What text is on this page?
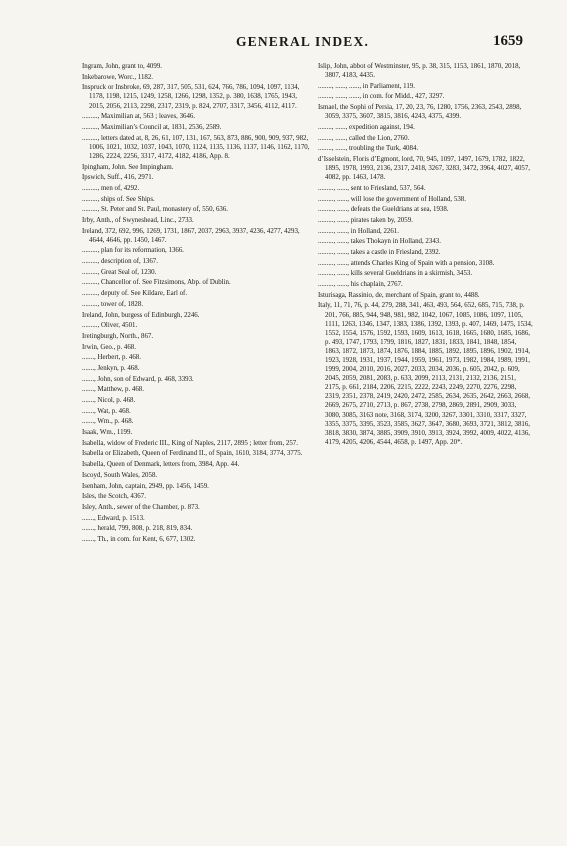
GENERAL INDEX.	1659

Ingram, John, grant to, 4099.

Inkebarowe, Worc., 1182.

Inspruck or Insbroke, 69, 287, 317, 505, 531, 624, 766, 786, 1094, 1097, 1134, 1178, 1198, 1215, 1249, 1258, 1266, 1298, 1352, p. 380, 1638, 1765, 1943, 2015, 2056, 2113, 2298, 2317, 2319, p. 824, 2707, 3317, 3456, 4112, 4117.

........., Maximilian at, 563 ; leaves, 3646.

........., Maximilian’s Council at, 1831, 2536, 2589.

........., letters dated at, 8, 26, 61, 107, 131, 167, 563, 873, 886, 900, 909, 937, 982, 1006, 1021, 1032, 1037, 1043, 1070, 1124, 1135, 1136, 1137, 1146, 1162, 1170, 1286, 2224, 2256, 3317, 4172, 4182, 4186, App. 8.

Ipingham, John. See Impingham.

Ipswich, Suff., 416, 2971.

........., men of, 4292.

........., ships of. See Ships.

........., St. Peter and St. Paul, monastery of, 550, 636.

Irby, Anth., of Swyneshead, Linc., 2733.

Ireland, 372, 692, 996, 1269, 1731, 1867, 2037, 2963, 3937, 4236, 4277, 4293, 4644, 4646, pp. 1450, 1467.

........., plan for its reformation, 1366.

........., description of, 1367.

........., Great Seal of, 1230.

........., Chancellor of. See Fitzsimons, Abp. of Dublin.

........., deputy of. See Kildare, Earl of.

........., tower of, 1828.

Ireland, John, burgess of Edinburgh, 2246.

........., Oliver, 4501.

Iretingburgh, North., 867.

Irwin, Geo., p. 468.

......., Herbert, p. 468.

......., Jenkyn, p. 468.

......., John, son of Edward, p. 468, 3393.

......., Matthew, p. 468.

......., Nicol, p. 468.

......., Wat, p. 468.

......., Wm., p. 468.

Isaak, Wm., 1199.

Isabella, widow of Frederic III., King of Naples, 2117, 2895 ; letter from, 257.

Isabella or Elizabeth, Queen of Ferdinand II., of Spain, 1610, 3184, 3774, 3775.

Isabella, Queen of Denmark, letters from, 3984, App. 44.

Iscoyd, South Wales, 2058.

Isenham, John, captain, 2949, pp. 1456, 1459.

Isles, the Scotch, 4367.

Isley, Anth., sewer of the Chamber, p. 873.

......., Edward, p. 1513.

......., herald, 799, 808, p. 218, 819, 834.

......., Th., in com. for Kent, 6, 677, 1302.

Islip, John, abbot of Westminster, 95, p. 38, 315, 1153, 1861, 1870, 2018, 3807, 4183, 4435.

........, ......, ......, in Parliament, 119.

........, ......, ......, in com. for Midd., 427, 3297.

Ismael, the Sophi of Persia, 17, 20, 23, 76, 1280, 1756, 2363, 2543, 2898, 3059, 3375, 3607, 3815, 3816, 4243, 4375, 4399.

........, ......, expedition against, 194.

........, ......, called the Lion, 2760.

........, ......, troubling the Turk, 4084.

d’Isselstein, Floris d’Egmont, lord, 70, 945, 1097, 1497, 1679, 1782, 1822, 1895, 1978, 1993, 2136, 2317, 2418, 3267, 3283, 3472, 3964, 4027, 4057, 4082, pp. 1463, 1478.

........., ......, sent to Friesland, 537, 564.

........., ......, will lose the government of Holland, 538.

........., ......, defeats the Gueldrians at sea, 1938.

........., ......, pirates taken by, 2059.

........., ......, in Holland, 2261.

........., ......, takes Thokayn in Holland, 2343.

........., ......, takes a castle in Friesland, 2392.

........., ......, attends Charles King of Spain with a pension, 3108.

........., ......, kills several Gueldrians in a skirmish, 3453.

........., ......, his chaplain, 2767.

Isturisaga, Rassinio, de, merchant of Spain, grant to, 4488.

Italy, 11, 71, 76, p. 44, 279, 288, 341, 463, 493, 564, 652, 685, 715, 738, p. 201, 766, 885, 944, 948, 981, 982, 1042, 1067, 1085, 1086, 1097, 1105, 1111, 1263, 1346, 1347, 1383, 1386, 1392, 1393, p. 407, 1469, 1475, 1534, 1552, 1554, 1576, 1592, 1593, 1609, 1613, 1618, 1665, 1680, 1685, 1686, p. 493, 1747, 1793, 1799, 1816, 1827, 1831, 1833, 1841, 1848, 1854, 1863, 1872, 1873, 1874, 1876, 1884, 1885, 1892, 1895, 1896, 1902, 1914, 1923, 1928, 1931, 1937, 1944, 1959, 1961, 1973, 1982, 1984, 1989, 1991, 1999, 2004, 2010, 2016, 2027, 2033, 2034, 2036, p. 605, 2042, p. 609, 2045, 2059, 2081, 2083, p. 633, 2099, 2113, 2131, 2132, 2136, 2151, 2175, p. 661, 2184, 2206, 2215, 2222, 2243, 2249, 2270, 2276, 2298, 2319, 2351, 2378, 2419, 2420, 2472, 2585, 2634, 2635, 2642, 2663, 2668, 2669, 2675, 2710, 2713, p. 867, 2738, 2798, 2869, 2891, 2909, 3033, 3080, 3085, 3163 note, 3168, 3174, 3200, 3267, 3301, 3310, 3317, 3327, 3355, 3375, 3395, 3523, 3585, 3627, 3647, 3680, 3693, 3721, 3812, 3816, 3818, 3830, 3874, 3885, 3909, 3910, 3913, 3924, 3992, 4009, 4022, 4136, 4179, 4205, 4206, 4544, 4658, p. 1497, App. 20*.
